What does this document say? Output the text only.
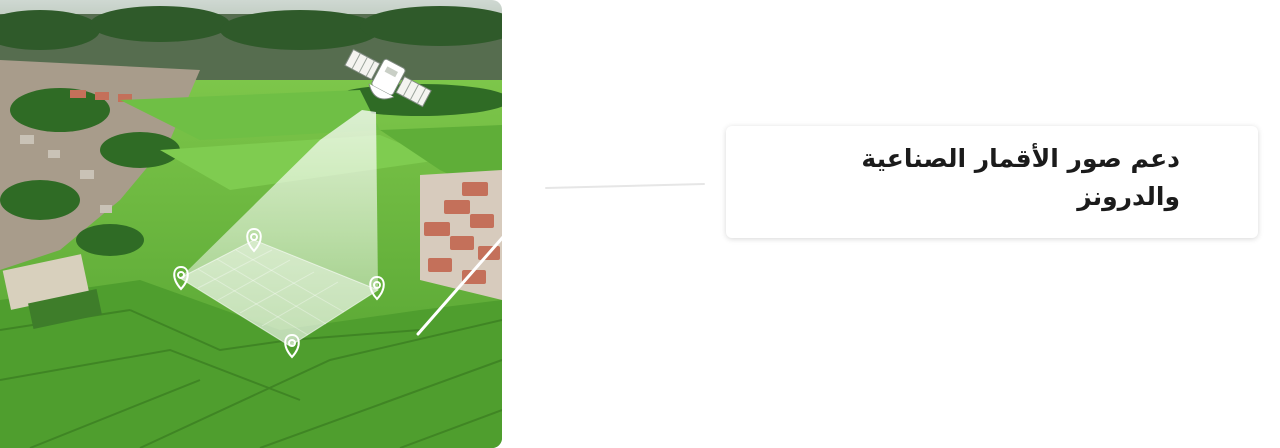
دعم صور الأقمار الصناعية والدرونز
